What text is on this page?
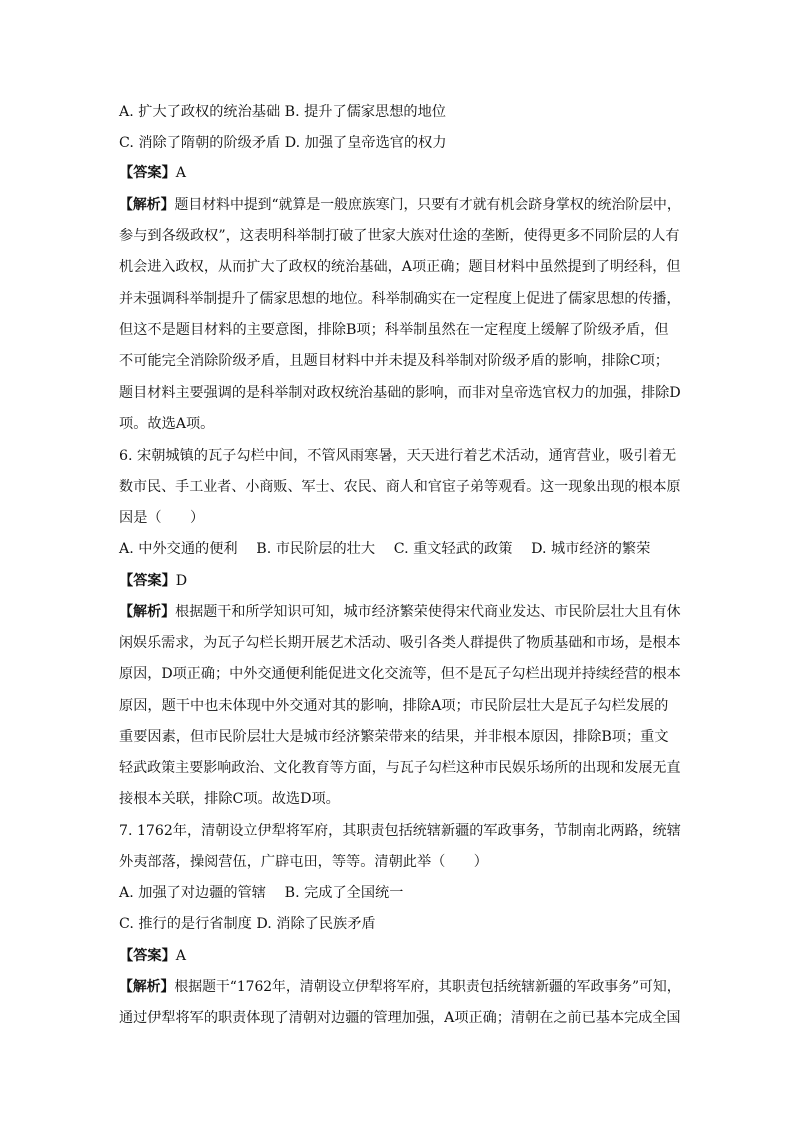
A. 扩大了政权的统治基础 B. 提升了儒家思想的地位
C. 消除了隋朝的阶级矛盾 D. 加强了皇帝选官的权力
【答案】A
【解析】题目材料中提到“就算是一般庶族寒门，只要有才就有机会跻身掌权的统治阶层中，
参与到各级政权”，这表明科举制打破了世家大族对仕途的垄断，使得更多不同阶层的人有
机会进入政权，从而扩大了政权的统治基础，A项正确；题目材料中虽然提到了明经科，但
并未强调科举制提升了儒家思想的地位。科举制确实在一定程度上促进了儒家思想的传播，
但这不是题目材料的主要意图，排除B项；科举制虽然在一定程度上缓解了阶级矛盾，但
不可能完全消除阶级矛盾，且题目材料中并未提及科举制对阶级矛盾的影响，排除C项；
题目材料主要强调的是科举制对政权统治基础的影响，而非对皇帝选官权力的加强，排除D
项。故选A项。
6. 宋朝城镇的瓦子勾栏中间，不管风雨寒暑，天天进行着艺术活动，通宵营业，吸引着无
数市民、手工业者、小商贩、军士、农民、商人和官宦子弟等观看。这一现象出现的根本原
因是（　　）
A. 中外交通的便利　 B. 市民阶层的壮大　 C. 重文轻武的政策　 D. 城市经济的繁荣
【答案】D
【解析】根据题干和所学知识可知，城市经济繁荣使得宋代商业发达、市民阶层壮大且有休
闲娱乐需求，为瓦子勾栏长期开展艺术活动、吸引各类人群提供了物质基础和市场，是根本
原因，D项正确；中外交通便利能促进文化交流等，但不是瓦子勾栏出现并持续经营的根本
原因，题干中也未体现中外交通对其的影响，排除A项；市民阶层壮大是瓦子勾栏发展的
重要因素，但市民阶层壮大是城市经济繁荣带来的结果，并非根本原因，排除B项；重文
轻武政策主要影响政治、文化教育等方面，与瓦子勾栏这种市民娱乐场所的出现和发展无直
接根本关联，排除C项。故选D项。
7. 1762年，清朝设立伊犁将军府，其职责包括统辖新疆的军政事务，节制南北两路，统辖
外夷部落，操阅营伍，广辟屯田，等等。清朝此举（　　）
A. 加强了对边疆的管辖　 B. 完成了全国统一
C. 推行的是行省制度 D. 消除了民族矛盾
【答案】A
【解析】根据题干“1762年，清朝设立伊犁将军府，其职责包括统辖新疆的军政事务”可知，
通过伊犁将军的职责体现了清朝对边疆的管理加强，A项正确；清朝在之前已基本完成全国
